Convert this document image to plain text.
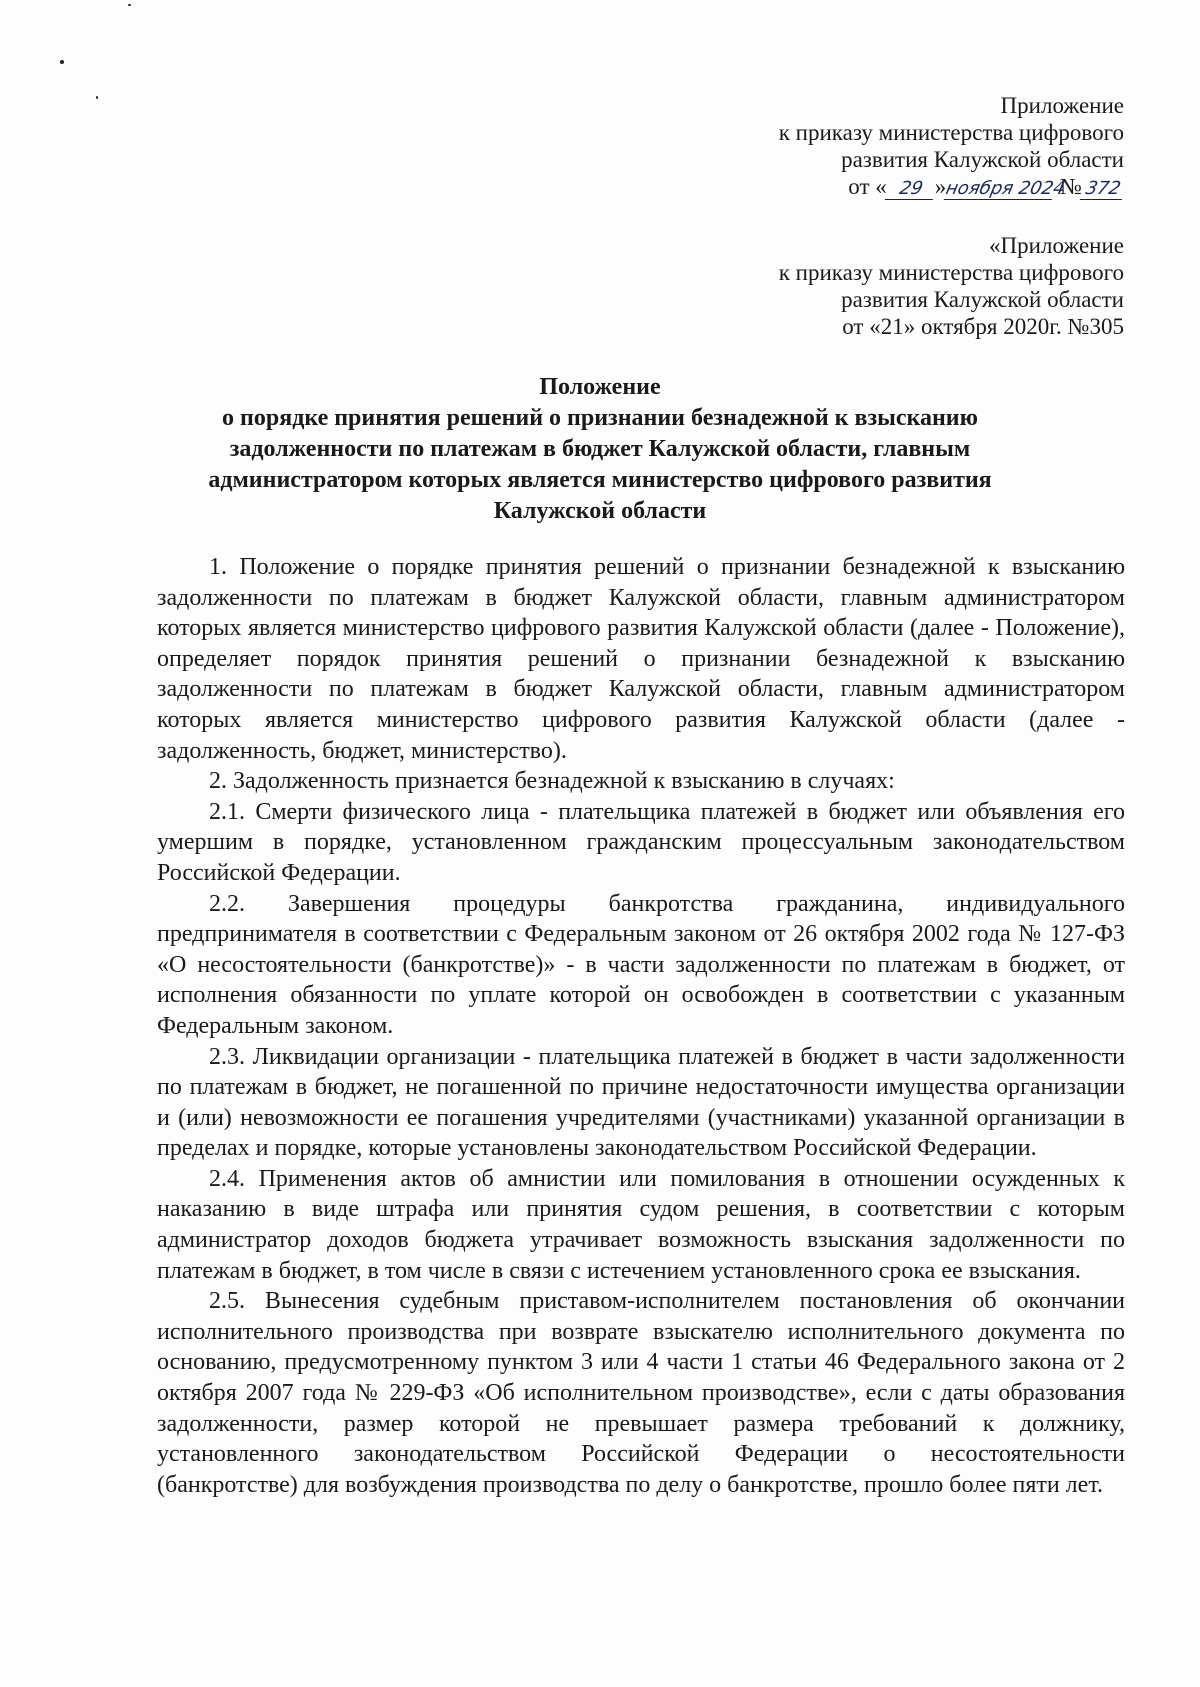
Приложение
к приказу министерства цифрового
развития Калужской области
от « 29 »ноября 2024 №372
«Приложение
к приказу министерства цифрового
развития Калужской области
от «21» октября 2020г. №305
Положение
о порядке принятия решений о признании безнадежной к взысканию
задолженности по платежам в бюджет Калужской области, главным
администратором которых является министерство цифрового развития
Калужской области

1. Положение о порядке принятия решений о признании безнадежной к взысканию задолженности по платежам в бюджет Калужской области, главным администратором которых является министерство цифрового развития Калужской области (далее - Положение), определяет порядок принятия решений о признании безнадежной к взысканию задолженности по платежам в бюджет Калужской области, главным администратором которых является министерство цифрового развития Калужской области (далее - задолженность, бюджет, министерство).

2. Задолженность признается безнадежной к взысканию в случаях:

2.1. Смерти физического лица - плательщика платежей в бюджет или объявления его умершим в порядке, установленном гражданским процессуальным законодательством Российской Федерации.

2.2. Завершения процедуры банкротства гражданина, индивидуального предпринимателя в соответствии с Федеральным законом от 26 октября 2002 года № 127-ФЗ «О несостоятельности (банкротстве)» - в части задолженности по платежам в бюджет, от исполнения обязанности по уплате которой он освобожден в соответствии с указанным Федеральным законом.

2.3. Ликвидации организации - плательщика платежей в бюджет в части задолженности по платежам в бюджет, не погашенной по причине недостаточности имущества организации и (или) невозможности ее погашения учредителями (участниками) указанной организации в пределах и порядке, которые установлены законодательством Российской Федерации.

2.4. Применения актов об амнистии или помилования в отношении осужденных к наказанию в виде штрафа или принятия судом решения, в соответствии с которым администратор доходов бюджета утрачивает возможность взыскания задолженности по платежам в бюджет, в том числе в связи с истечением установленного срока ее взыскания.

2.5. Вынесения судебным приставом-исполнителем постановления об окончании исполнительного производства при возврате взыскателю исполнительного документа по основанию, предусмотренному пунктом 3 или 4 части 1 статьи 46 Федерального закона от 2 октября 2007 года № 229-ФЗ «Об исполнительном производстве», если с даты образования задолженности, размер которой не превышает размера требований к должнику, установленного законодательством Российской Федерации о несостоятельности (банкротстве) для возбуждения производства по делу о банкротстве, прошло более пяти лет.
